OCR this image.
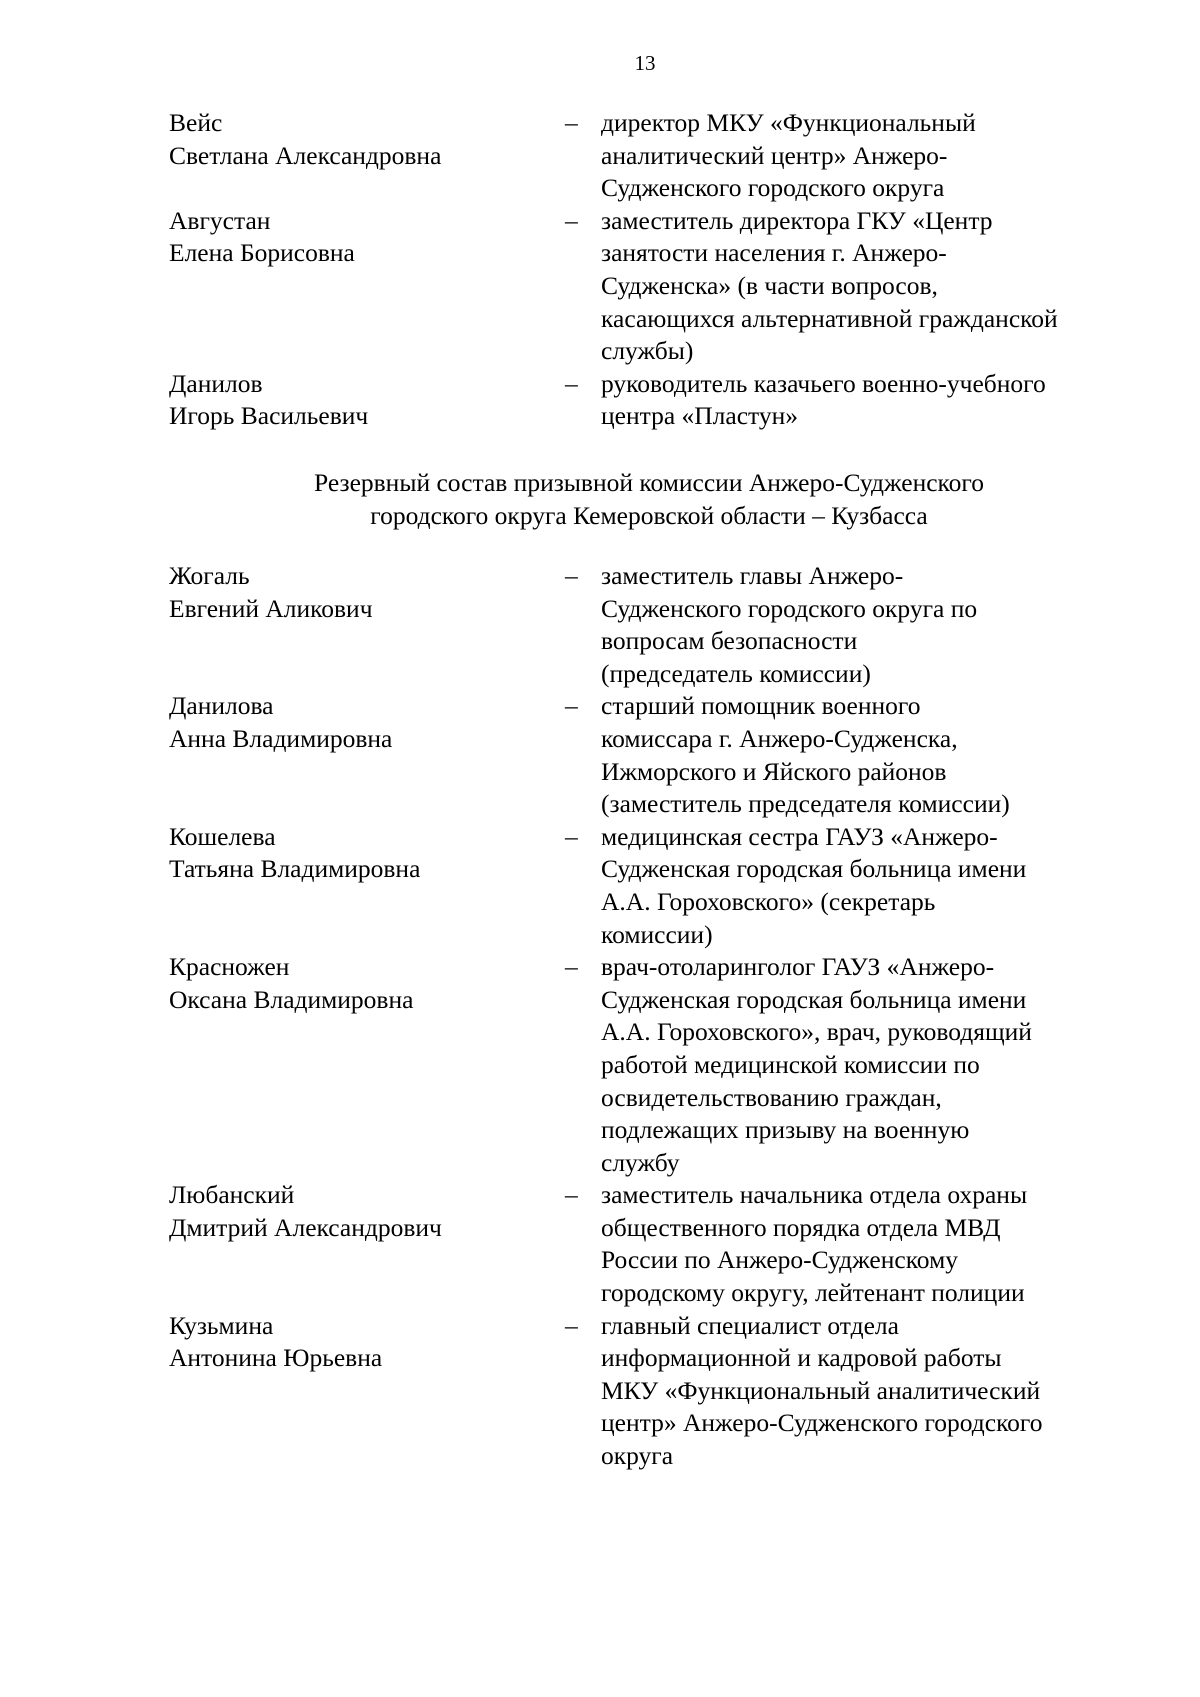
13
Вейс
Светлана Александровна
– директор МКУ «Функциональный
аналитический центр» Анжеро-
Судженского городского округа
Августан
Елена Борисовна
– заместитель директора ГКУ «Центр
занятости населения г. Анжеро-
Судженска» (в части вопросов,
касающихся альтернативной гражданской
службы)
Данилов
Игорь Васильевич
– руководитель казачьего военно-учебного
центра «Пластун»
Резервный состав призывной комиссии Анжеро-Судженского
городского округа Кемеровской области – Кузбасса
Жогаль
Евгений Аликович
– заместитель главы Анжеро-
Судженского городского округа по
вопросам безопасности
(председатель комиссии)
Данилова
Анна Владимировна
– старший помощник военного
комиссара г. Анжеро-Судженска,
Ижморского и Яйского районов
(заместитель председателя комиссии)
Кошелева
Татьяна Владимировна
– медицинская сестра ГАУЗ «Анжеро-
Судженская городская больница имени
А.А. Гороховского» (секретарь
комиссии)
Красножен
Оксана Владимировна
– врач-отоларинголог ГАУЗ «Анжеро-
Судженская городская больница имени
А.А. Гороховского», врач, руководящий
работой медицинской комиссии по
освидетельствованию граждан,
подлежащих призыву на военную
службу
Любанский
Дмитрий Александрович
– заместитель начальника отдела охраны
общественного порядка отдела МВД
России по Анжеро-Судженскому
городскому округу, лейтенант полиции
Кузьмина
Антонина Юрьевна
– главный специалист отдела
информационной и кадровой работы
МКУ «Функциональный аналитический
центр» Анжеро-Судженского городского
округа
